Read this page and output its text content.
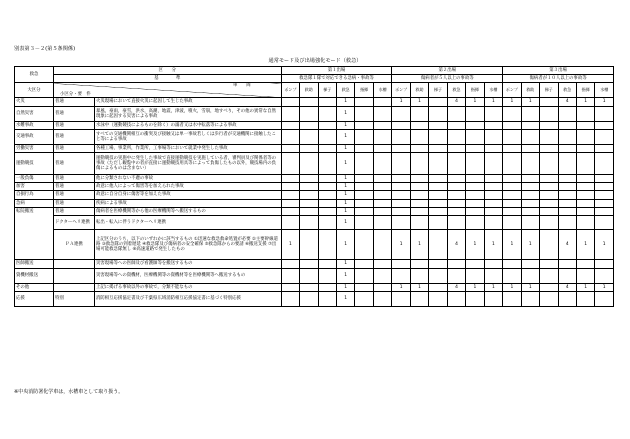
別表第３－２(第５条関係)
通常モード及び出場強化モード（救急）
救急	区　　分		第１出場						第２出場						第３出場					
	基　　　　準		救急隊１隊で対応できる急病・事故等						傷病者が５人以上の事故等						傷病者が１０人以上の事故等					
大区分	車　　両
小区分・要　件		ポンプ	救助	梯子	救急	指揮	水槽	ポンプ	救助	梯子	救急	指揮	水槽	ポンプ	救助	梯子	救急	指揮	水槽
火災	普通	火災現場において直接火災に起因して生じた事故				1			1	1		4	1	1	1	1		4	1	1
自然災害	普通	暴風，豪雨，豪雪，洪水，高潮，地震，津波，噴火，雪崩，地すべり，その他の異常な自然現象に起因する災害による事故				1														
水難事故	普通	水泳中（運動競技によるものを除く）の溺者又は水中転落等による事故				1														
交通事故	普通	すべての交通機関相互の衝突及び接触又は単一事故若しくは歩行者が交通機関に接触したこと等による事故				1														
労働災害	普通	各種工場，事業所，作業所，工事場等において就業中発生した事故				1														
運動競技	普通	運動競技の実施中に発生した事故で直接運動競技を実施している者，審判員及び関係者等の事故（ただし観覧中の者が直接に運動競技用具等によって負傷したもの以外，競技場内の負傷によるものは含まない）				1														
一般負傷	普通	他に分類されない不慮の事故				1														
加害	普通	故意に他人によって傷害等を加えられた事故				1														
自損行為	普通	故意に自分自身に傷害等を加えた事故				1														
急病	普通	疾病による事故				1														
転院搬送	普通	傷病者を医療機関等から他の医療機関等へ搬送するもの				1														
	ドクターヘリ連携	転出・転入に伴うドクターヘリ連携				1														
	ＰＡ連携	上記区分のうち，以下のいずれかに該当するもの ①迅速な救急救命処置が必要 ②主要幹線道路 ③救急隊の到着遅延 ④救急隊及び傷病者の安全確保 ⑤救急隊からの要請 ⑥搬送支援 ⑦出場可能救急隊無し ⑧高速道路で発生したもの	1			1			1	1		4	1	1	1	1		4	1	1
医師搬送		災害現場等への医師及び看護師等を搬送するもの				1														
資機材搬送		災害現場等への資機材，医療機関等の資機材等を医療機関等へ搬送するもの				1														
その他		上記に掲げる事故以外の事故で，分類不能なもの				1			1	1		4	1	1	1	1		4	1	1
応援	特別	消防相互応援協定書及び千葉県広域消防相互応援協定書に基づく特別応援				1														
※中央消防署化学車は，水槽車として取り扱う。
